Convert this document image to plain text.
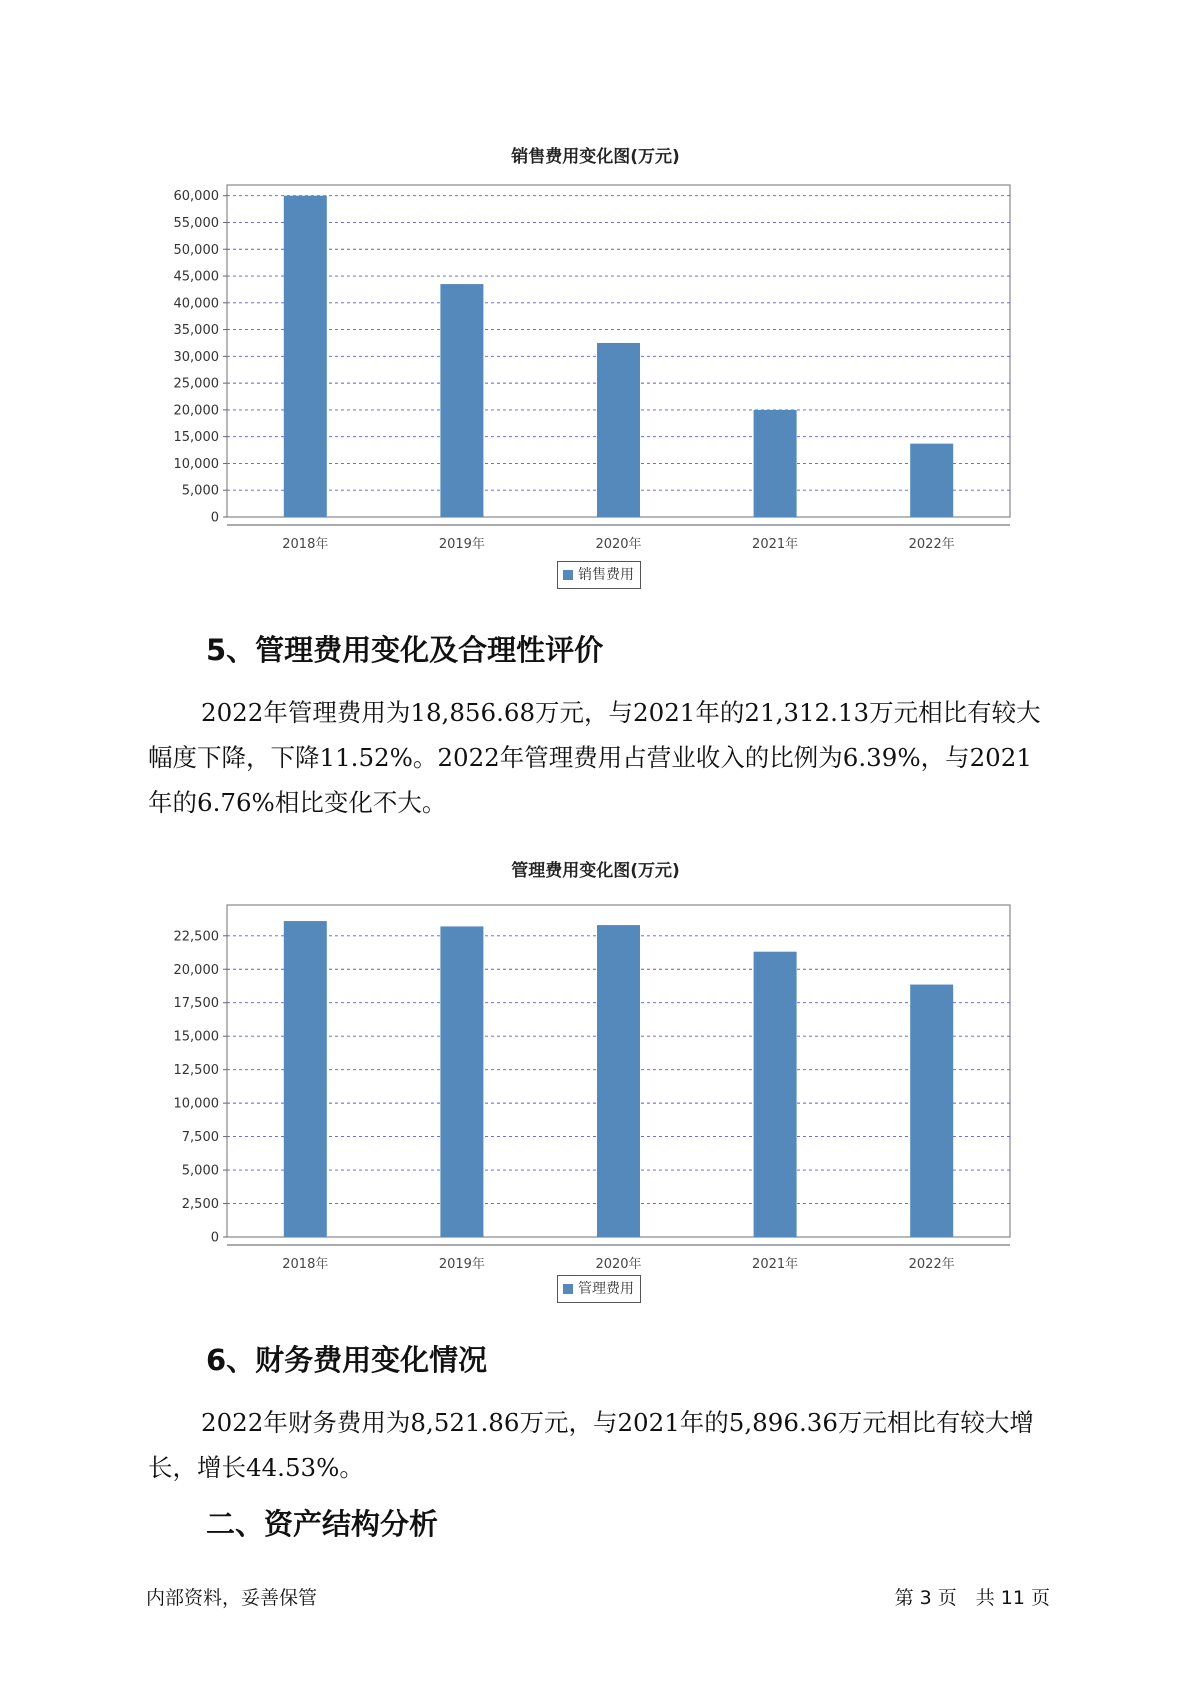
销售费用变化图(万元)
0
5,000
10,000
15,000
20,000
25,000
30,000
35,000
40,000
45,000
50,000
55,000
60,000
2018年	2019年	2020年	2021年	2022年
销售费用
5、管理费用变化及合理性评价

2022年管理费用为18,856.68万元，与2021年的21,312.13万元相比有较大幅度下降，下降11.52%。2022年管理费用占营业收入的比例为6.39%，与2021年的6.76%相比变化不大。

管理费用变化图(万元)
0
2,500
5,000
7,500
10,000
12,500
15,000
17,500
20,000
22,500
2018年	2019年	2020年	2021年	2022年
管理费用
6、财务费用变化情况

2022年财务费用为8,521.86万元，与2021年的5,896.36万元相比有较大增长，增长44.53%。

二、资产结构分析
内部资料，妥善保管	第 3 页　共 11 页
